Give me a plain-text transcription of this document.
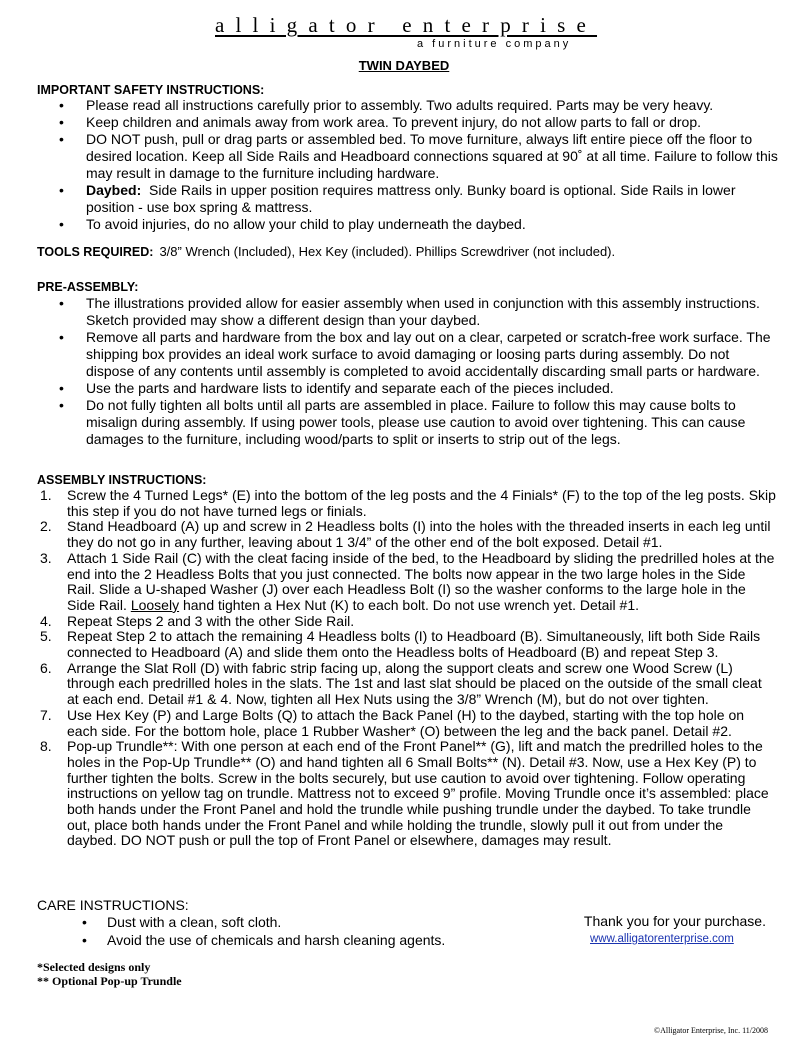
alligator enterprise
a furniture company
TWIN DAYBED
IMPORTANT SAFETY INSTRUCTIONS:
• Please read all instructions carefully prior to assembly. Two adults required. Parts may be very heavy.
• Keep children and animals away from work area. To prevent injury, do not allow parts to fall or drop.
• DO NOT push, pull or drag parts or assembled bed. To move furniture, always lift entire piece off the floor to desired location. Keep all Side Rails and Headboard connections squared at 90˚ at all time. Failure to follow this may result in damage to the furniture including hardware.
• Daybed: Side Rails in upper position requires mattress only. Bunky board is optional. Side Rails in lower position - use box spring & mattress.
• To avoid injuries, do no allow your child to play underneath the daybed.
TOOLS REQUIRED: 3/8” Wrench (Included), Hex Key (included). Phillips Screwdriver (not included).
PRE-ASSEMBLY:
• The illustrations provided allow for easier assembly when used in conjunction with this assembly instructions. Sketch provided may show a different design than your daybed.
• Remove all parts and hardware from the box and lay out on a clear, carpeted or scratch-free work surface. The shipping box provides an ideal work surface to avoid damaging or loosing parts during assembly. Do not dispose of any contents until assembly is completed to avoid accidentally discarding small parts or hardware.
• Use the parts and hardware lists to identify and separate each of the pieces included.
• Do not fully tighten all bolts until all parts are assembled in place. Failure to follow this may cause bolts to misalign during assembly. If using power tools, please use caution to avoid over tightening. This can cause damages to the furniture, including wood/parts to split or inserts to strip out of the legs.
ASSEMBLY INSTRUCTIONS:
1. Screw the 4 Turned Legs* (E) into the bottom of the leg posts and the 4 Finials* (F) to the top of the leg posts. Skip this step if you do not have turned legs or finials.
2. Stand Headboard (A) up and screw in 2 Headless bolts (I) into the holes with the threaded inserts in each leg until they do not go in any further, leaving about 1 3/4” of the other end of the bolt exposed. Detail #1.
3. Attach 1 Side Rail (C) with the cleat facing inside of the bed, to the Headboard by sliding the predrilled holes at the end into the 2 Headless Bolts that you just connected. The bolts now appear in the two large holes in the Side Rail. Slide a U-shaped Washer (J) over each Headless Bolt (I) so the washer conforms to the large hole in the Side Rail. Loosely hand tighten a Hex Nut (K) to each bolt. Do not use wrench yet. Detail #1.
4. Repeat Steps 2 and 3 with the other Side Rail.
5. Repeat Step 2 to attach the remaining 4 Headless bolts (I) to Headboard (B). Simultaneously, lift both Side Rails connected to Headboard (A) and slide them onto the Headless bolts of Headboard (B) and repeat Step 3.
6. Arrange the Slat Roll (D) with fabric strip facing up, along the support cleats and screw one Wood Screw (L) through each predrilled holes in the slats. The 1st and last slat should be placed on the outside of the small cleat at each end. Detail #1 & 4. Now, tighten all Hex Nuts using the 3/8” Wrench (M), but do not over tighten.
7. Use Hex Key (P) and Large Bolts (Q) to attach the Back Panel (H) to the daybed, starting with the top hole on each side. For the bottom hole, place 1 Rubber Washer* (O) between the leg and the back panel. Detail #2.
8. Pop-up Trundle**: With one person at each end of the Front Panel** (G), lift and match the predrilled holes to the holes in the Pop-Up Trundle** (O) and hand tighten all 6 Small Bolts** (N). Detail #3. Now, use a Hex Key (P) to further tighten the bolts. Screw in the bolts securely, but use caution to avoid over tightening. Follow operating instructions on yellow tag on trundle. Mattress not to exceed 9” profile. Moving Trundle once it’s assembled: place both hands under the Front Panel and hold the trundle while pushing trundle under the daybed. To take trundle out, place both hands under the Front Panel and while holding the trundle, slowly pull it out from under the daybed. DO NOT push or pull the top of Front Panel or elsewhere, damages may result.
CARE INSTRUCTIONS:
• Dust with a clean, soft cloth.
• Avoid the use of chemicals and harsh cleaning agents.
Thank you for your purchase.
www.alligatorenterprise.com
*Selected designs only
** Optional Pop-up Trundle
©Alligator Enterprise, Inc. 11/2008
